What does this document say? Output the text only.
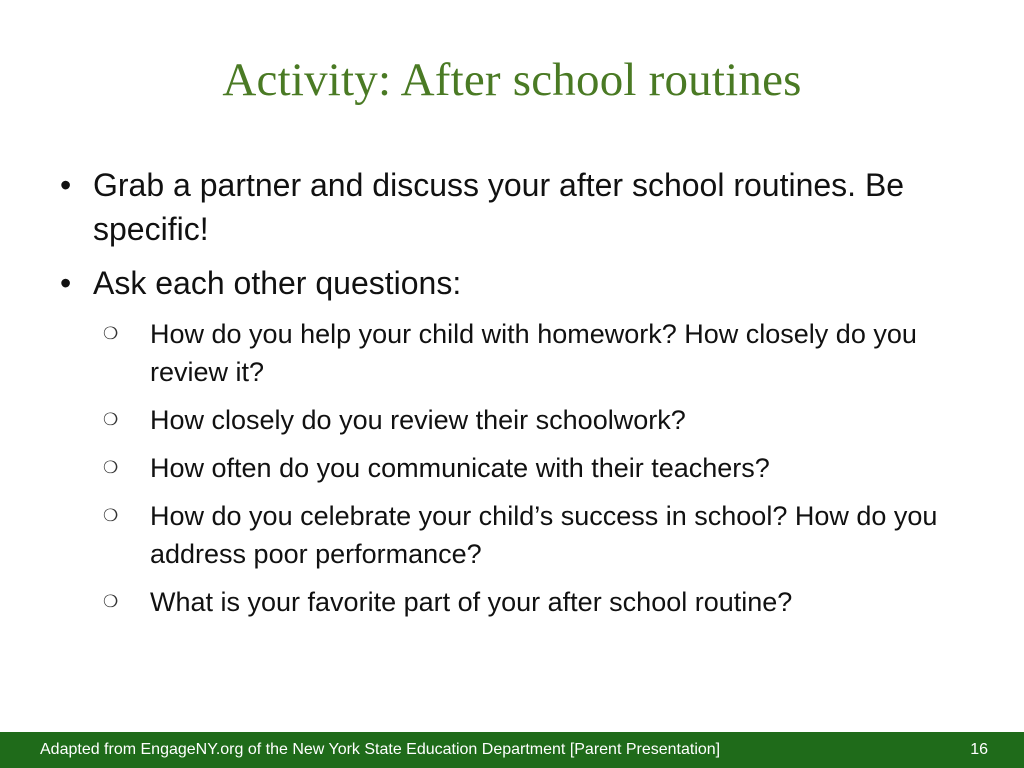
Activity: After school routines
• Grab a partner and discuss your after school routines. Be specific!
• Ask each other questions:
❍ How do you help your child with homework? How closely do you review it?
❍ How closely do you review their schoolwork?
❍ How often do you communicate with their teachers?
❍ How do you celebrate your child’s success in school? How do you address poor performance?
❍ What is your favorite part of your after school routine?
Adapted from EngageNY.org of the New York State Education Department [Parent Presentation]	16
